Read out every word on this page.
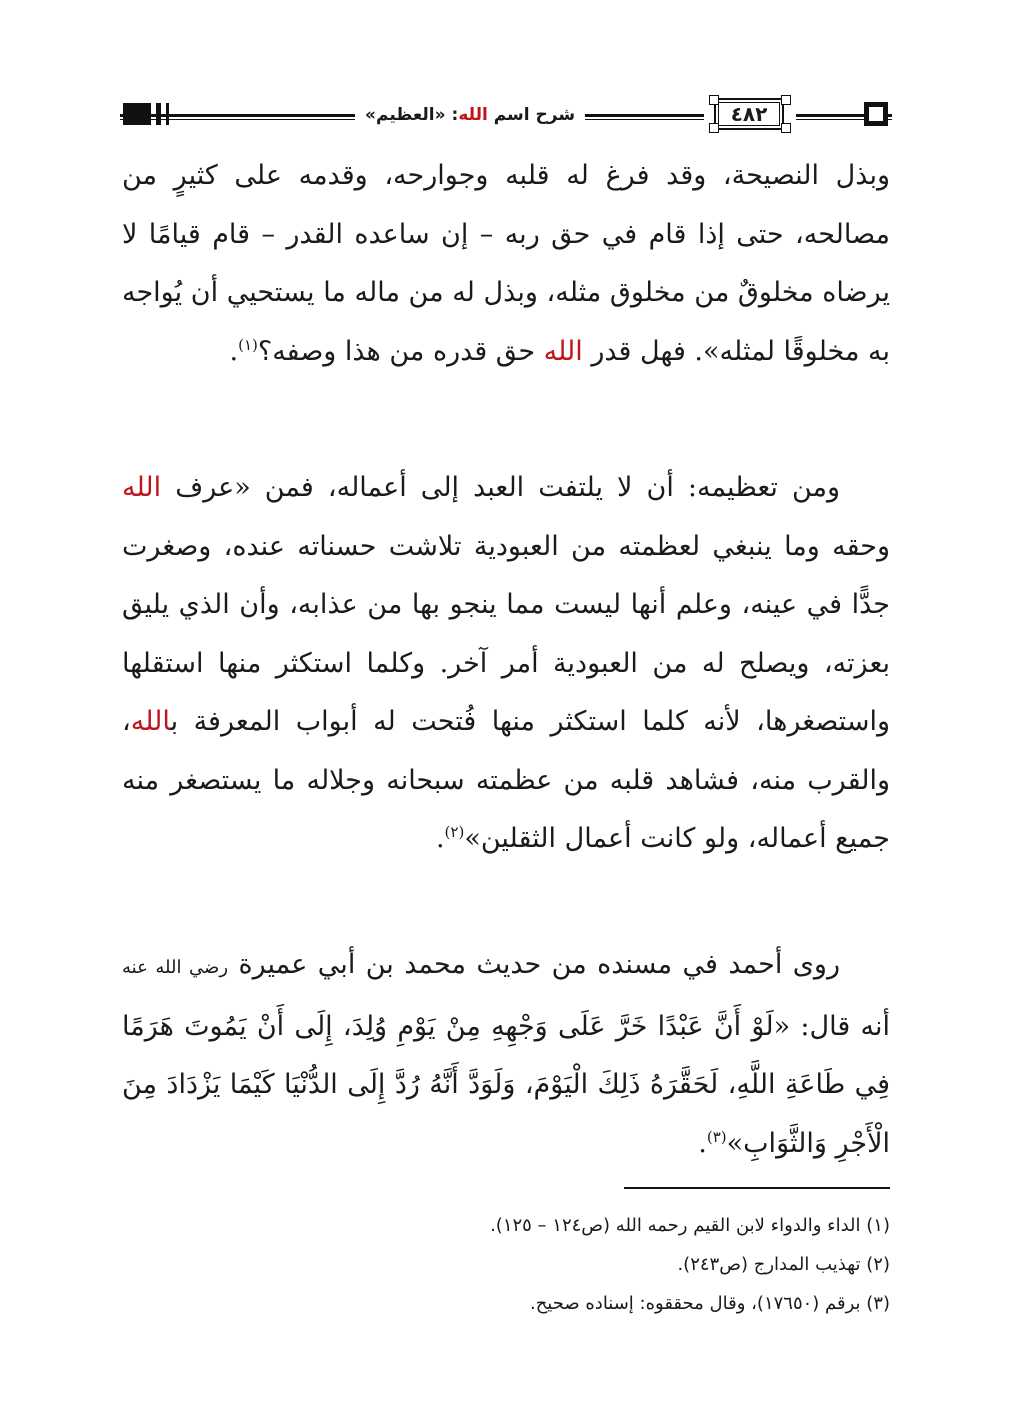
شرح اسم الله: «العظيم»	٤٨٢
وبذل النصيحة، وقد فرغ له قلبه وجوارحه، وقدمه على كثيرٍ من مصالحه، حتى إذا قام في حق ربه – إن ساعده القدر – قام قيامًا لا يرضاه مخلوقٌ من مخلوق مثله، وبذل له من ماله ما يستحيي أن يُواجه به مخلوقًا لمثله». فهل قدر الله حق قدره من هذا وصفه؟$^{(١)}$.
ومن تعظيمه: أن لا يلتفت العبد إلى أعماله، فمن «عرف الله وحقه وما ينبغي لعظمته من العبودية تلاشت حسناته عنده، وصغرت جدًّا في عينه، وعلم أنها ليست مما ينجو بها من عذابه، وأن الذي يليق بعزته، ويصلح له من العبودية أمر آخر. وكلما استكثر منها استقلها واستصغرها، لأنه كلما استكثر منها فُتحت له أبواب المعرفة بالله، والقرب منه، فشاهد قلبه من عظمته سبحانه وجلاله ما يستصغر منه جميع أعماله، ولو كانت أعمال الثقلين»$^{(٢)}$.
روى أحمد في مسنده من حديث محمد بن أبي عميرة رضي الله عنه أنه قال: «لَوْ أَنَّ عَبْدًا خَرَّ عَلَى وَجْهِهِ مِنْ يَوْمِ وُلِدَ، إِلَى أَنْ يَمُوتَ هَرَمًا فِي طَاعَةِ اللَّهِ، لَحَقَّرَهُ ذَلِكَ الْيَوْمَ، وَلَوَدَّ أَنَّهُ رُدَّ إِلَى الدُّنْيَا كَيْمَا يَزْدَادَ مِنَ الْأَجْرِ وَالثَّوَابِ»$^{(٣)}$.
(١) الداء والدواء لابن القيم رحمه الله (ص١٢٤ – ١٢٥).
(٢) تهذيب المدارج (ص٢٤٣).
(٣) برقم (١٧٦٥٠)، وقال محققوه: إسناده صحيح.
